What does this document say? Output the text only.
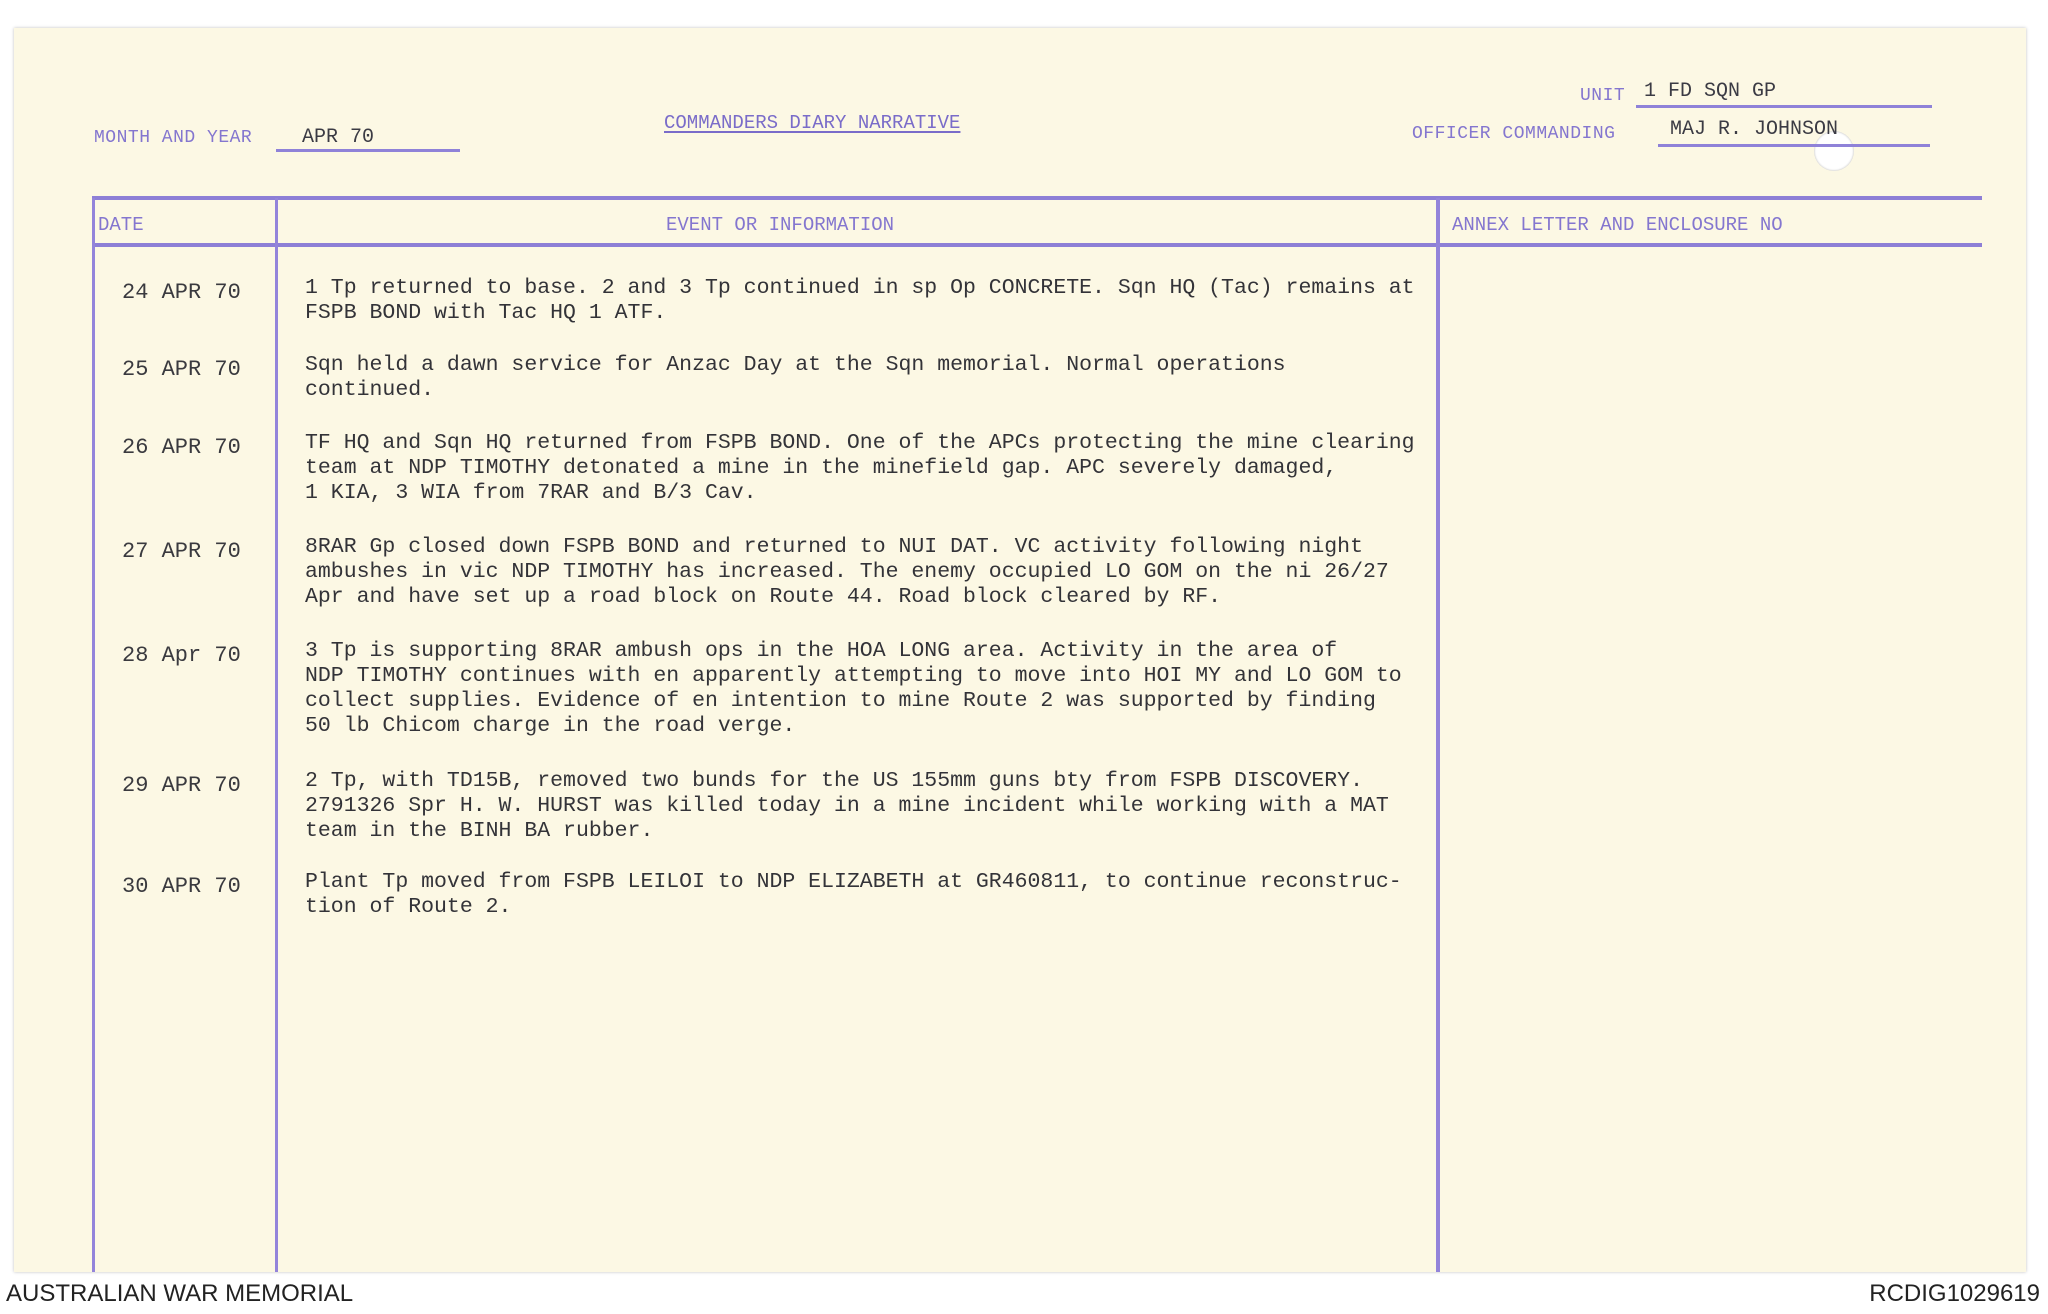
MONTH AND YEAR APR 70
COMMANDERS DIARY NARRATIVE
UNIT 1 FD SQN GP
OFFICER COMMANDING	MAJ R. JOHNSON
DATE	EVENT OR INFORMATION	ANNEX LETTER AND ENCLOSURE NO
24 APR 70	1 Tp returned to base. 2 and 3 Tp continued in sp Op CONCRETE. Sqn HQ (Tac) remains at
FSPB BOND with Tac HQ 1 ATF.
25 APR 70	Sqn held a dawn service for Anzac Day at the Sqn memorial. Normal operations
continued.
26 APR 70	TF HQ and Sqn HQ returned from FSPB BOND. One of the APCs protecting the mine clearing
team at NDP TIMOTHY detonated a mine in the minefield gap. APC severely damaged,
1 KIA, 3 WIA from 7RAR and B/3 Cav.
27 APR 70	8RAR Gp closed down FSPB BOND and returned to NUI DAT. VC activity following night
ambushes in vic NDP TIMOTHY has increased. The enemy occupied LO GOM on the ni 26/27
Apr and have set up a road block on Route 44. Road block cleared by RF.
28 Apr 70	3 Tp is supporting 8RAR ambush ops in the HOA LONG area. Activity in the area of
NDP TIMOTHY continues with en apparently attempting to move into HOI MY and LO GOM to
collect supplies. Evidence of en intention to mine Route 2 was supported by finding
50 lb Chicom charge in the road verge.
29 APR 70	2 Tp, with TD15B, removed two bunds for the US 155mm guns bty from FSPB DISCOVERY.
2791326 Spr H. W. HURST was killed today in a mine incident while working with a MAT
team in the BINH BA rubber.
30 APR 70	Plant Tp moved from FSPB LEILOI to NDP ELIZABETH at GR460811, to continue reconstruc-
tion of Route 2.
AUSTRALIAN WAR MEMORIAL	RCDIG1029619
